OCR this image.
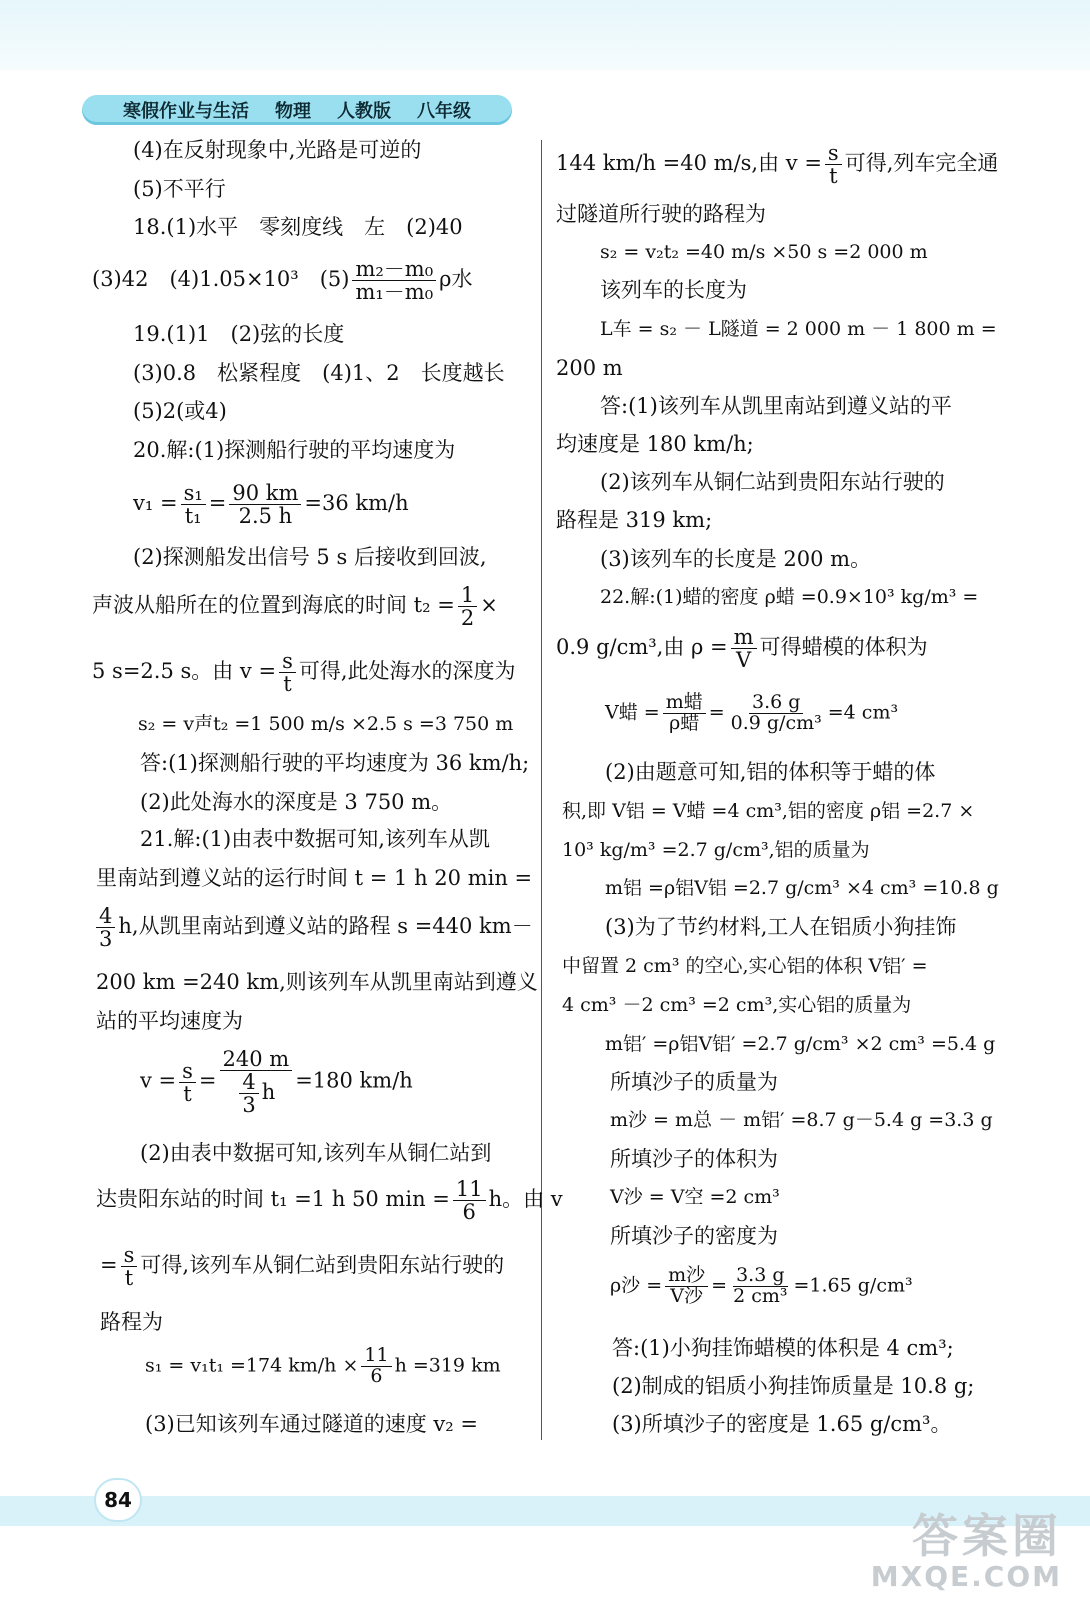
寒假作业与生活 物理 人教版 八年级
(4)在反射现象中,光路是可逆的
(5)不平行
18.(1)水平　零刻度线　左　(2)40
(3)42　(4)1.05×10³　$(5) \frac{\text{m₂－m₀}}{\text{m₁－m₀}}$ ρ水
19.(1)1　(2)弦的长度
(3)0.8　松紧程度　(4)1、2　长度越长
(5)2(或4)
20.解:(1)探测船行驶的平均速度为
$v_1 = \frac{\text{s₁}}{\text{t₁}} = \frac{90 km}{2.5 h} =36$ km/h
(2)探测船发出信号 5 s 后接收到回波,
声波从船所在的位置到海底的时间 $t_2 = \frac{1}{2}$ ×
5 s=2.5 s。由 $v = \frac{s}{t}$ 可得,此处海水的深度为
s₂ = v声t₂ =1 500 m/s ×2.5 s =3 750 m
答:(1)探测船行驶的平均速度为 36 km/h;
(2)此处海水的深度是 3 750 m。
21.解:(1)由表中数据可知,该列车从凯
里南站到遵义站的运行时间 t = 1 h 20 min =
$\frac{4}{3} h$,从凯里南站到遵义站的路程 s =440 km－
200 km =240 km,则该列车从凯里南站到遵义
站的平均速度为
$v = \frac{s}{t} = \frac{240 m}{\frac{4}{3} h} =180$ km/h
(2)由表中数据可知,该列车从铜仁站到
达贵阳东站的时间 t₁ =1 h 50 $\min = \frac{11}{6}$ h。由 v
= $\frac{s}{t}$ 可得,该列车从铜仁站到贵阳东站行驶的
路程为
s₁ = v₁t₁ =174 $km/h \times \frac{11}{6}$ h =319 km
(3)已知该列车通过隧道的速度 v₂ =
144 km/h =40 m/s,由 $v = \frac{s}{t}$ 可得,列车完全通
过隧道所行驶的路程为
s₂ = v₂t₂ =40 m/s ×50 s =2 000 m
该列车的长度为
L车 = s₂ － L隧道 = 2 000 m － 1 800 m =
200 m
答:(1)该列车从凯里南站到遵义站的平
均速度是 180 km/h;
(2)该列车从铜仁站到贵阳东站行驶的
路程是 319 km;
(3)该列车的长度是 200 m。
22.解:(1)蜡的密度 ρ蜡 =0.9×10³ kg/m³ =
0.9 g/cm³,由 $\rho = \frac{m}{V}$ 可得蜡模的体积为
V蜡 = $\frac{\text{m蜡}}{\text{ρ蜡}} = \frac{3.6 g}{\text{0.9 g/cm³}} =4$ cm³
(2)由题意可知,铝的体积等于蜡的体
积,即 V铝 = V蜡 =4 cm³,铝的密度 ρ铝 =2.7 ×
10³ kg/m³ =2.7 g/cm³,铝的质量为
m铝 =ρ铝V铝 =2.7 g/cm³ ×4 cm³ =10.8 g
(3)为了节约材料,工人在铝质小狗挂饰
中留置 2 cm³ 的空心,实心铝的体积 V铝′ =
4 cm³ －2 cm³ =2 cm³,实心铝的质量为
m铝′ =ρ铝V铝′ =2.7 g/cm³ ×2 cm³ =5.4 g
所填沙子的质量为
m沙 = m总 － m铝′ =8.7 g－5.4 g =3.3 g
所填沙子的体积为
V沙 = V空 =2 cm³
所填沙子的密度为
ρ沙 = $\frac{\text{m沙}}{\text{V沙}} = \frac{3.3 g}{\text{2 cm³}} =1.65$ g/cm³
答:(1)小狗挂饰蜡模的体积是 4 cm³;
(2)制成的铝质小狗挂饰质量是 10.8 g;
(3)所填沙子的密度是 1.65 g/cm³。
84
答案圈
MXQE.COM
